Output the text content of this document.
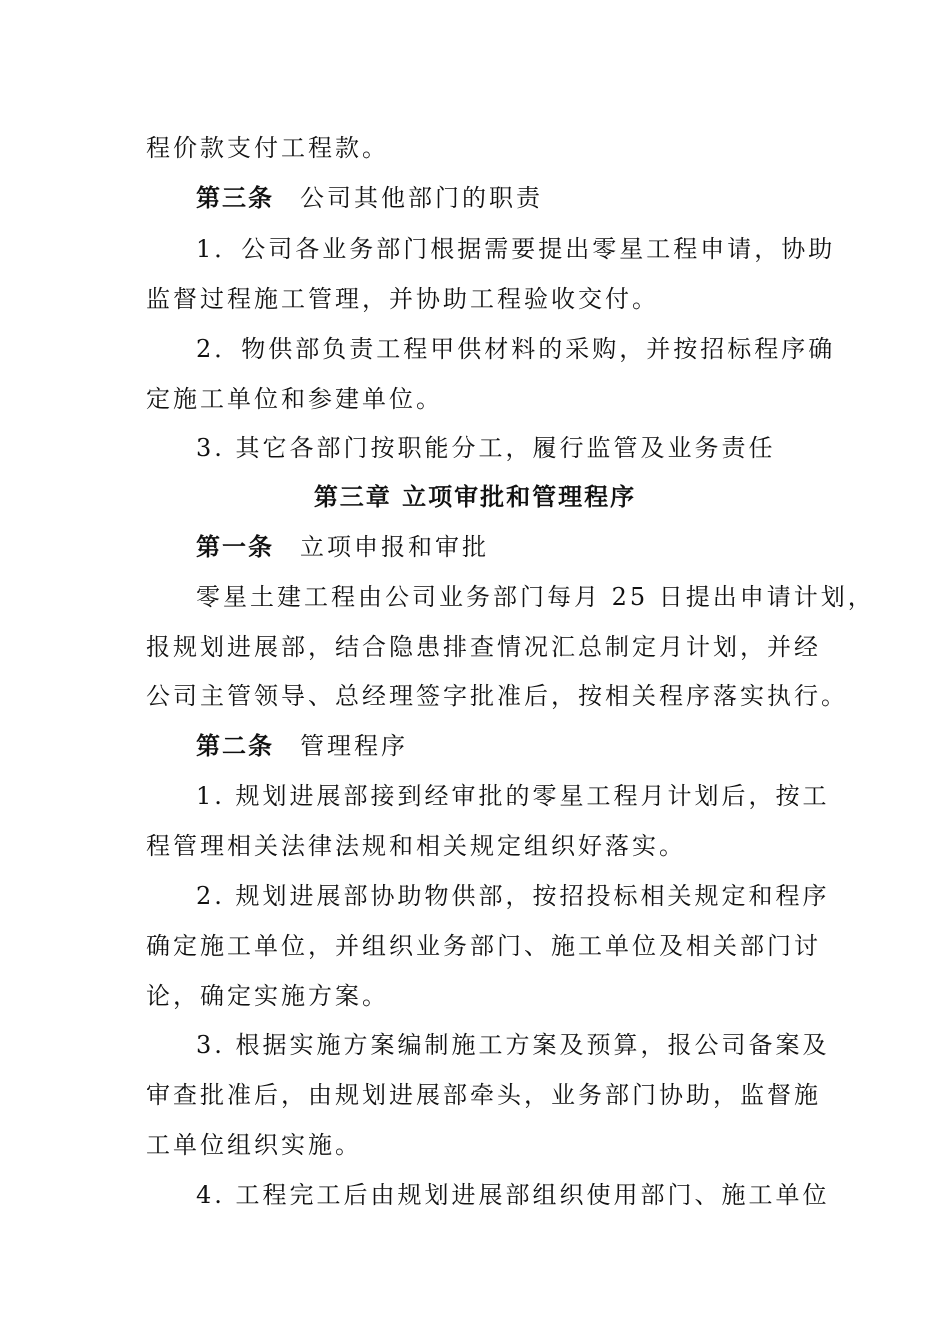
程价款支付工程款。
第三条 公司其他部门的职责
1．公司各业务部门根据需要提出零星工程申请，协助
监督过程施工管理，并协助工程验收交付。
2．物供部负责工程甲供材料的采购，并按招标程序确
定施工单位和参建单位。
3. 其它各部门按职能分工，履行监管及业务责任
第三章 立项审批和管理程序
第一条 立项申报和审批
零星土建工程由公司业务部门每月 25 日提出申请计划，
报规划进展部，结合隐患排查情况汇总制定月计划，并经
公司主管领导、总经理签字批准后，按相关程序落实执行。
第二条 管理程序
1. 规划进展部接到经审批的零星工程月计划后，按工
程管理相关法律法规和相关规定组织好落实。
2. 规划进展部协助物供部，按招投标相关规定和程序
确定施工单位，并组织业务部门、施工单位及相关部门讨
论，确定实施方案。
3. 根据实施方案编制施工方案及预算，报公司备案及
审查批准后，由规划进展部牵头，业务部门协助，监督施
工单位组织实施。
4. 工程完工后由规划进展部组织使用部门、施工单位
